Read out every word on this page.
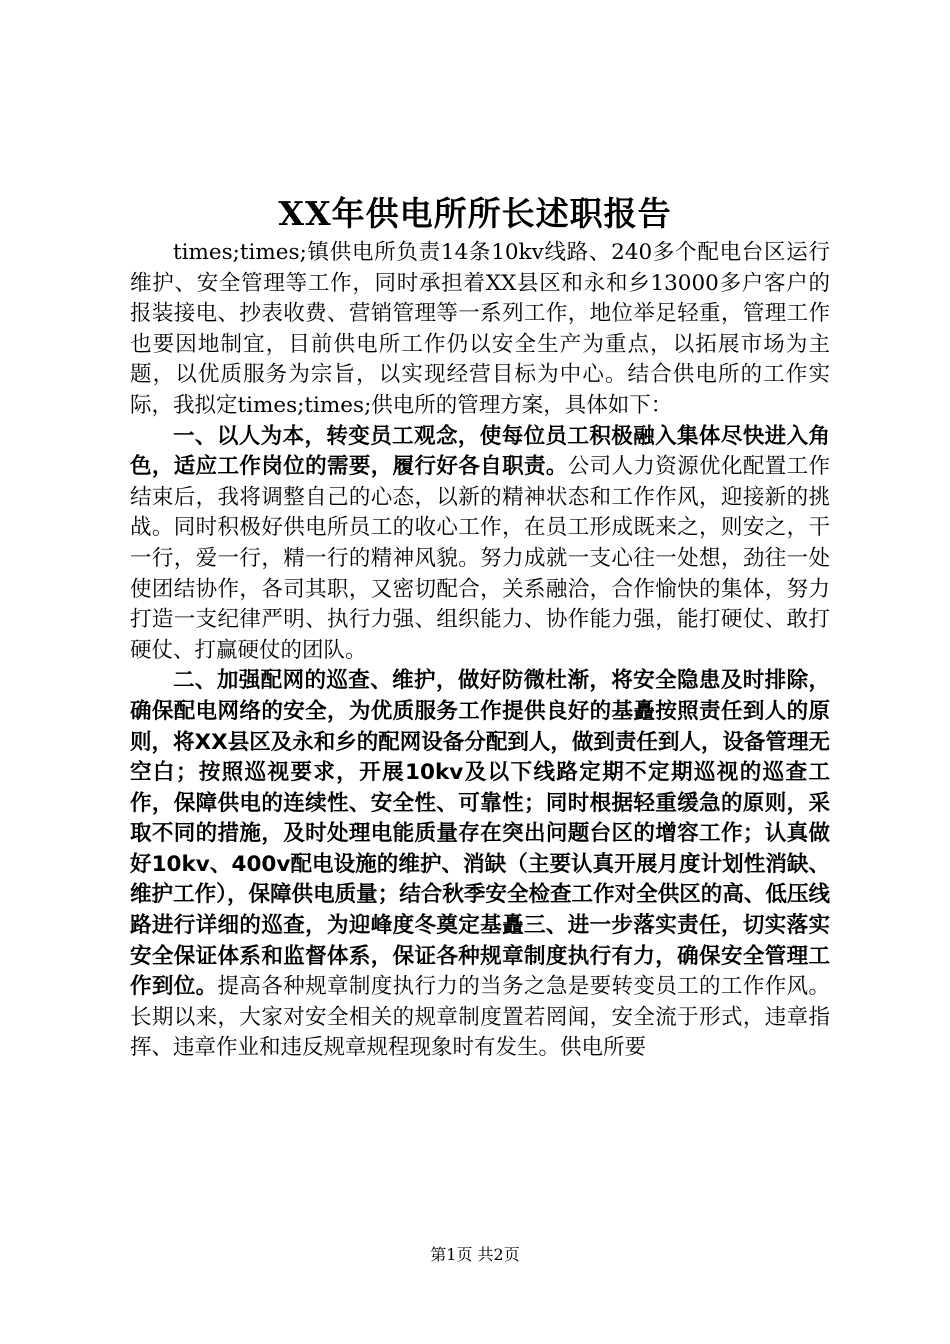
XX年供电所所长述职报告

times;times;镇供电所负责14条10kv线路、240多个配电台区运行维护、安全管理等工作，同时承担着XX县区和永和乡13000多户客户的报装接电、抄表收费、营销管理等一系列工作，地位举足轻重，管理工作也要因地制宜，目前供电所工作仍以安全生产为重点，以拓展市场为主题，以优质服务为宗旨，以实现经营目标为中心。结合供电所的工作实际，我拟定times;times;供电所的管理方案，具体如下：

一、以人为本，转变员工观念，使每位员工积极融入集体尽快进入角色，适应工作岗位的需要，履行好各自职责。公司人力资源优化配置工作结束后，我将调整自己的心态，以新的精神状态和工作作风，迎接新的挑战。同时积极好供电所员工的收心工作，在员工形成既来之，则安之，干一行，爱一行，精一行的精神风貌。努力成就一支心往一处想，劲往一处使团结协作，各司其职，又密切配合，关系融洽，合作愉快的集体，努力打造一支纪律严明、执行力强、组织能力、协作能力强，能打硬仗、敢打硬仗、打赢硬仗的团队。

二、加强配网的巡查、维护，做好防微杜渐，将安全隐患及时排除，确保配电网络的安全，为优质服务工作提供良好的基矗按照责任到人的原则，将XX县区及永和乡的配网设备分配到人，做到责任到人，设备管理无空白；按照巡视要求，开展10kv及以下线路定期不定期巡视的巡查工作，保障供电的连续性、安全性、可靠性；同时根据轻重缓急的原则，采取不同的措施，及时处理电能质量存在突出问题台区的增容工作；认真做好10kv、400v配电设施的维护、消缺（主要认真开展月度计划性消缺、维护工作），保障供电质量；结合秋季安全检查工作对全供区的高、低压线路进行详细的巡查，为迎峰度冬奠定基矗三、进一步落实责任，切实落实安全保证体系和监督体系，保证各种规章制度执行有力，确保安全管理工作到位。提高各种规章制度执行力的当务之急是要转变员工的工作作风。长期以来，大家对安全相关的规章制度置若罔闻，安全流于形式，违章指挥、违章作业和违反规章规程现象时有发生。供电所要

第1页 共2页
